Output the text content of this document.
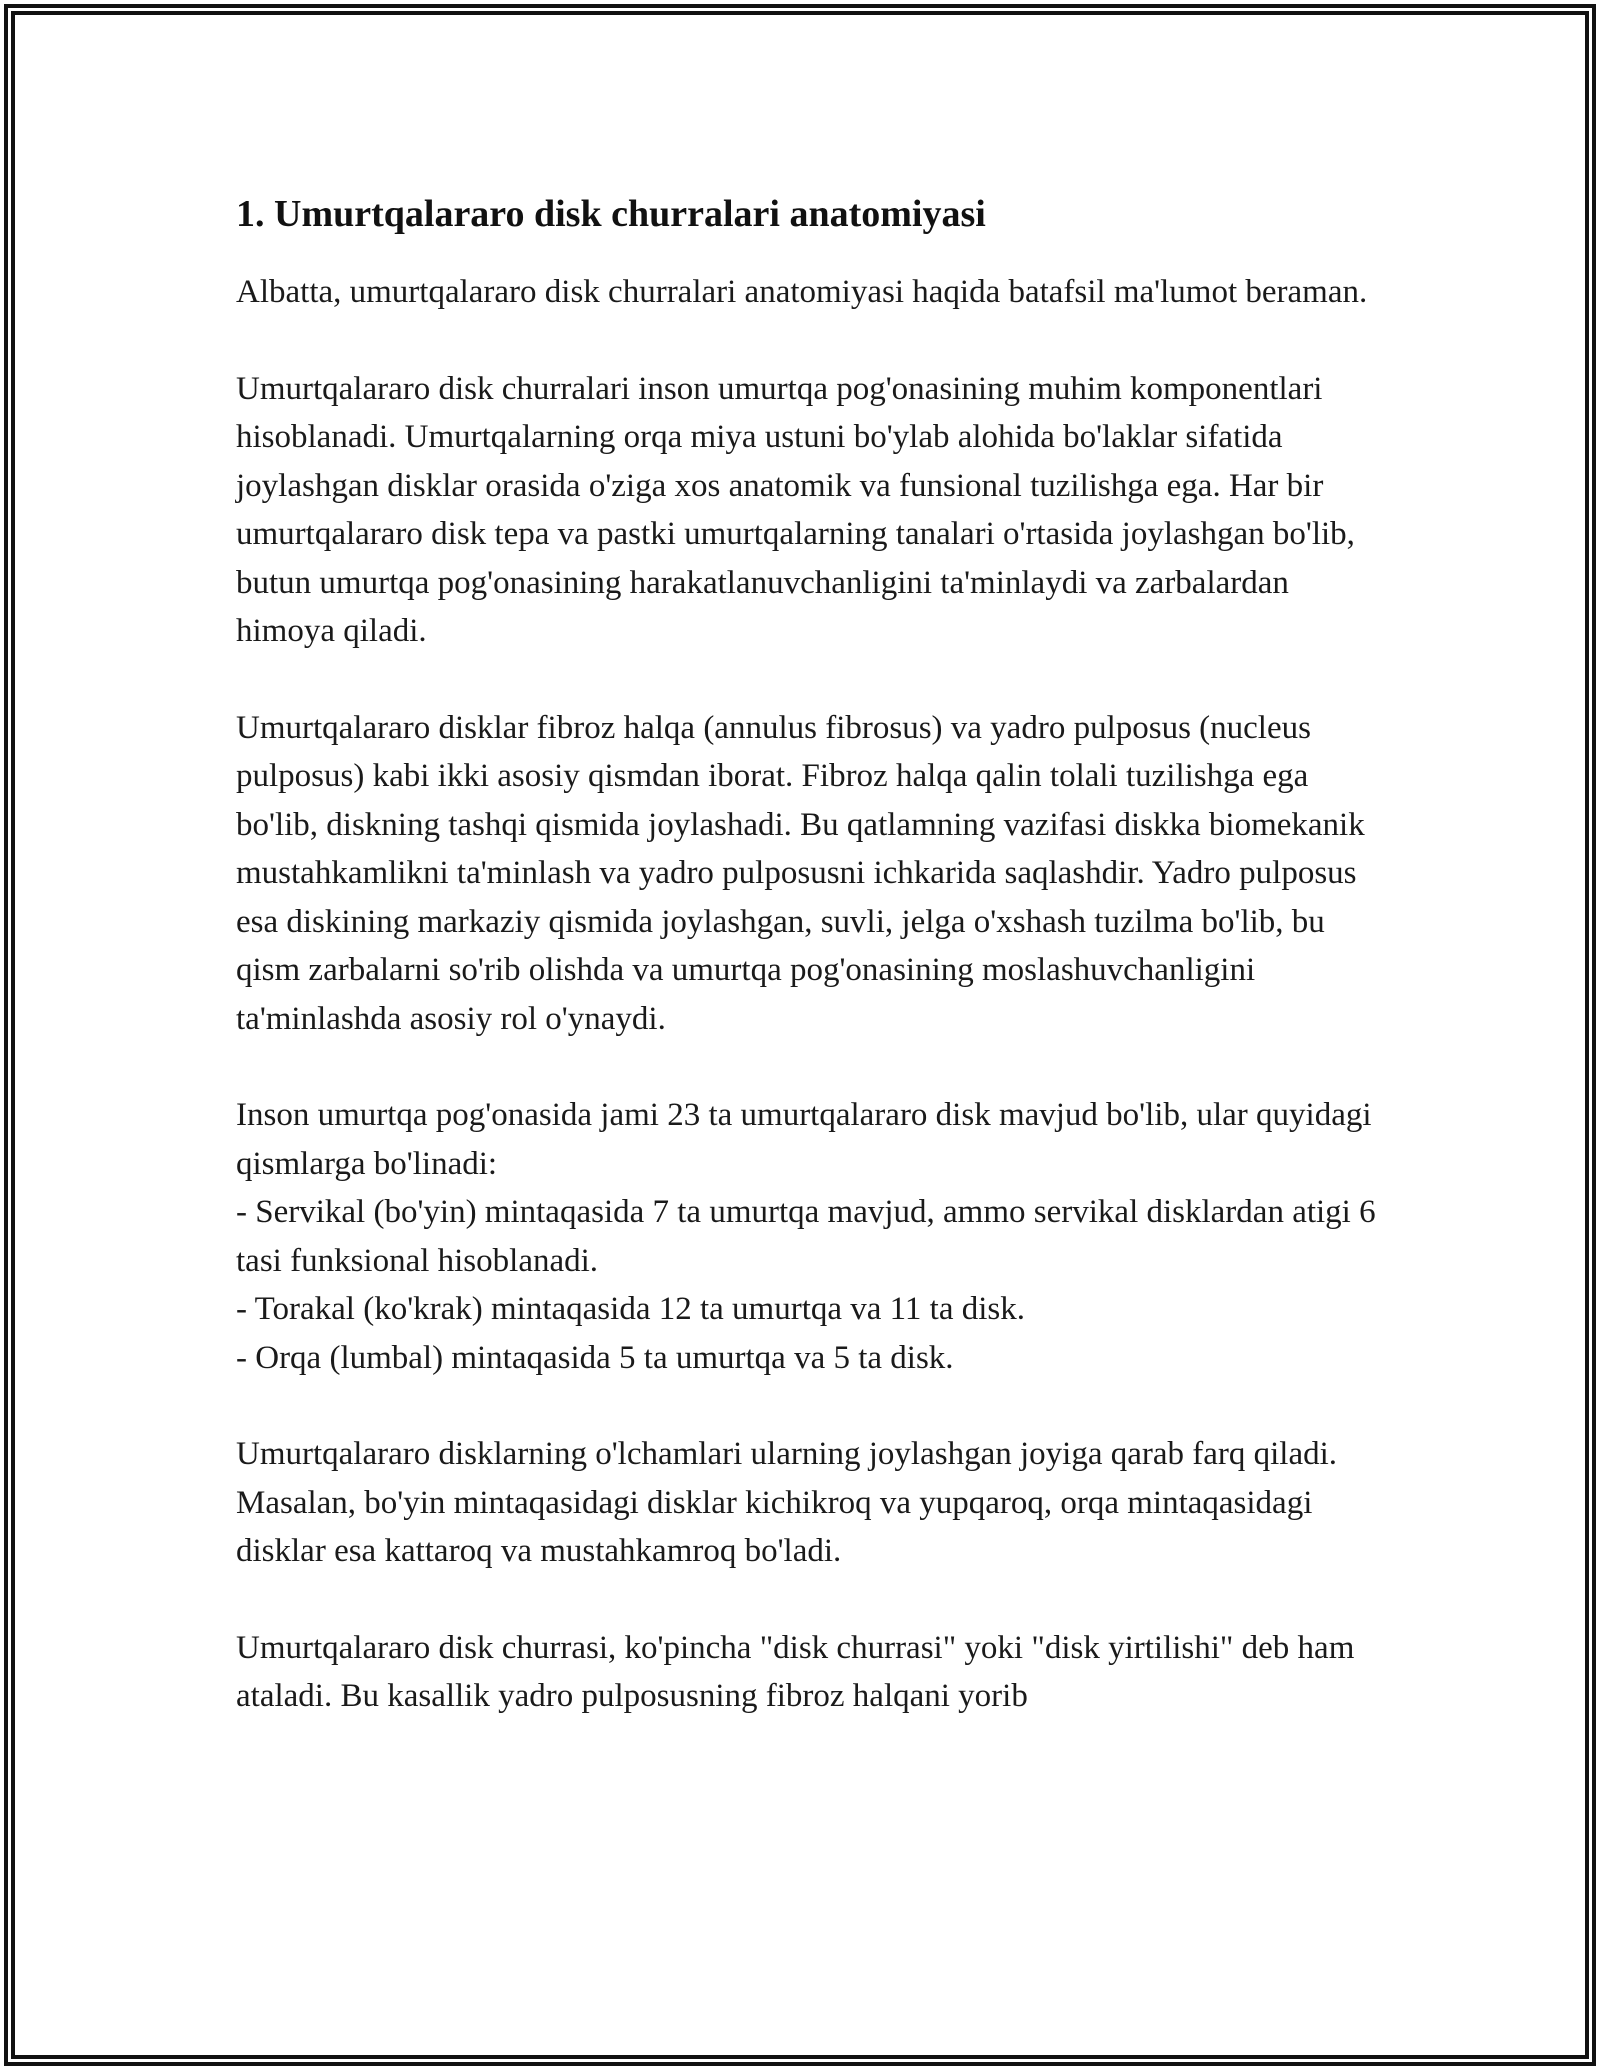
1. Umurtqalararo disk churralari anatomiyasi

Albatta, umurtqalararo disk churralari anatomiyasi haqida batafsil ma'lumot beraman.

Umurtqalararo disk churralari inson umurtqa pog'onasining muhim komponentlari hisoblanadi. Umurtqalarning orqa miya ustuni bo'ylab alohida bo'laklar sifatida joylashgan disklar orasida o'ziga xos anatomik va funsional tuzilishga ega. Har bir umurtqalararo disk tepa va pastki umurtqalarning tanalari o'rtasida joylashgan bo'lib, butun umurtqa pog'onasining harakatlanuvchanligini ta'minlaydi va zarbalardan himoya qiladi.

Umurtqalararo disklar fibroz halqa (annulus fibrosus) va yadro pulposus (nucleus pulposus) kabi ikki asosiy qismdan iborat. Fibroz halqa qalin tolali tuzilishga ega bo'lib, diskning tashqi qismida joylashadi. Bu qatlamning vazifasi diskka biomekanik mustahkamlikni ta'minlash va yadro pulposusni ichkarida saqlashdir. Yadro pulposus esa diskining markaziy qismida joylashgan, suvli, jelga o'xshash tuzilma bo'lib, bu qism zarbalarni so'rib olishda va umurtqa pog'onasining moslashuvchanligini ta'minlashda asosiy rol o'ynaydi.

Inson umurtqa pog'onasida jami 23 ta umurtqalararo disk mavjud bo'lib, ular quyidagi qismlarga bo'linadi:
- Servikal (bo'yin) mintaqasida 7 ta umurtqa mavjud, ammo servikal disklardan atigi 6 tasi funksional hisoblanadi.
- Torakal (ko'krak) mintaqasida 12 ta umurtqa va 11 ta disk.
- Orqa (lumbal) mintaqasida 5 ta umurtqa va 5 ta disk.

Umurtqalararo disklarning o'lchamlari ularning joylashgan joyiga qarab farq qiladi. Masalan, bo'yin mintaqasidagi disklar kichikroq va yupqaroq, orqa mintaqasidagi disklar esa kattaroq va mustahkamroq bo'ladi.

Umurtqalararo disk churrasi, ko'pincha "disk churrasi" yoki "disk yirtilishi" deb ham ataladi. Bu kasallik yadro pulposusning fibroz halqani yorib
